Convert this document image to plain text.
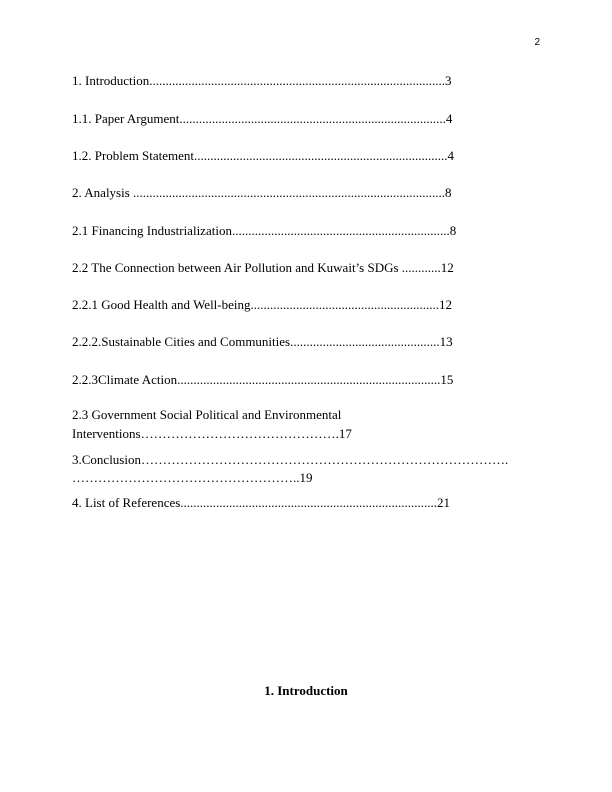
2
1. Introduction...........................................................................................3
1.1. Paper Argument..................................................................................4
1.2. Problem Statement..............................................................................4
2. Analysis ................................................................................................8
2.1 Financing Industrialization...................................................................8
2.2 The Connection between Air Pollution and Kuwait’s SDGs ............12
2.2.1 Good Health and Well-being..........................................................12
2.2.2.Sustainable Cities and Communities..............................................13
2.2.3Climate Action.................................................................................15
2.3 Government Social Political and Environmental
Interventions……………………………………….17
3.Conclusion………………………………………………………………………….
……………………………………………..19
4. List of References...............................................................................21
1. Introduction
